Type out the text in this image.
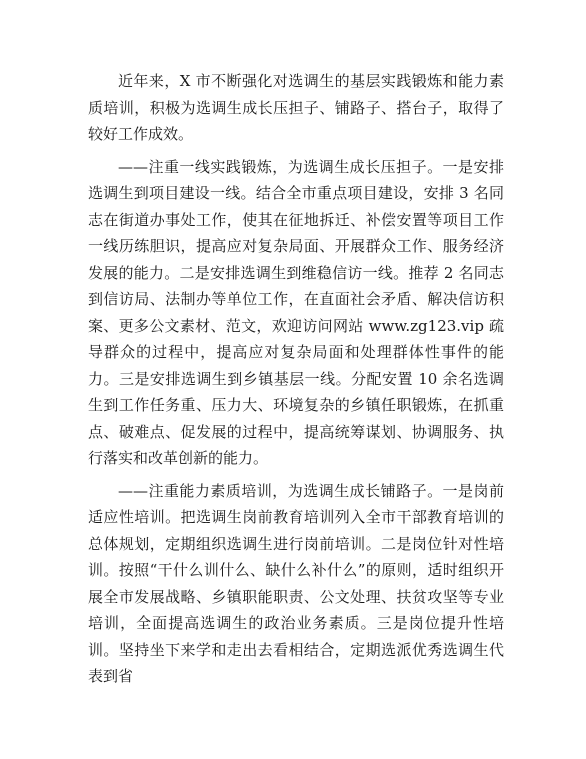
近年来，X 市不断强化对选调生的基层实践锻炼和能力素质培训，积极为选调生成长压担子、铺路子、搭台子，取得了较好工作成效。

——注重一线实践锻炼，为选调生成长压担子。一是安排选调生到项目建设一线。结合全市重点项目建设，安排 3 名同志在街道办事处工作，使其在征地拆迁、补偿安置等项目工作一线历练胆识，提高应对复杂局面、开展群众工作、服务经济发展的能力。二是安排选调生到维稳信访一线。推荐 2 名同志到信访局、法制办等单位工作，在直面社会矛盾、解决信访积案、更多公文素材、范文，欢迎访问网站 www.zg123.vip 疏导群众的过程中，提高应对复杂局面和处理群体性事件的能力。三是安排选调生到乡镇基层一线。分配安置 10 余名选调生到工作任务重、压力大、环境复杂的乡镇任职锻炼，在抓重点、破难点、促发展的过程中，提高统筹谋划、协调服务、执行落实和改革创新的能力。

——注重能力素质培训，为选调生成长铺路子。一是岗前适应性培训。把选调生岗前教育培训列入全市干部教育培训的总体规划，定期组织选调生进行岗前培训。二是岗位针对性培训。按照“干什么训什么、缺什么补什么”的原则，适时组织开展全市发展战略、乡镇职能职责、公文处理、扶贫攻坚等专业培训，全面提高选调生的政治业务素质。三是岗位提升性培训。坚持坐下来学和走出去看相结合，定期选派优秀选调生代表到省
